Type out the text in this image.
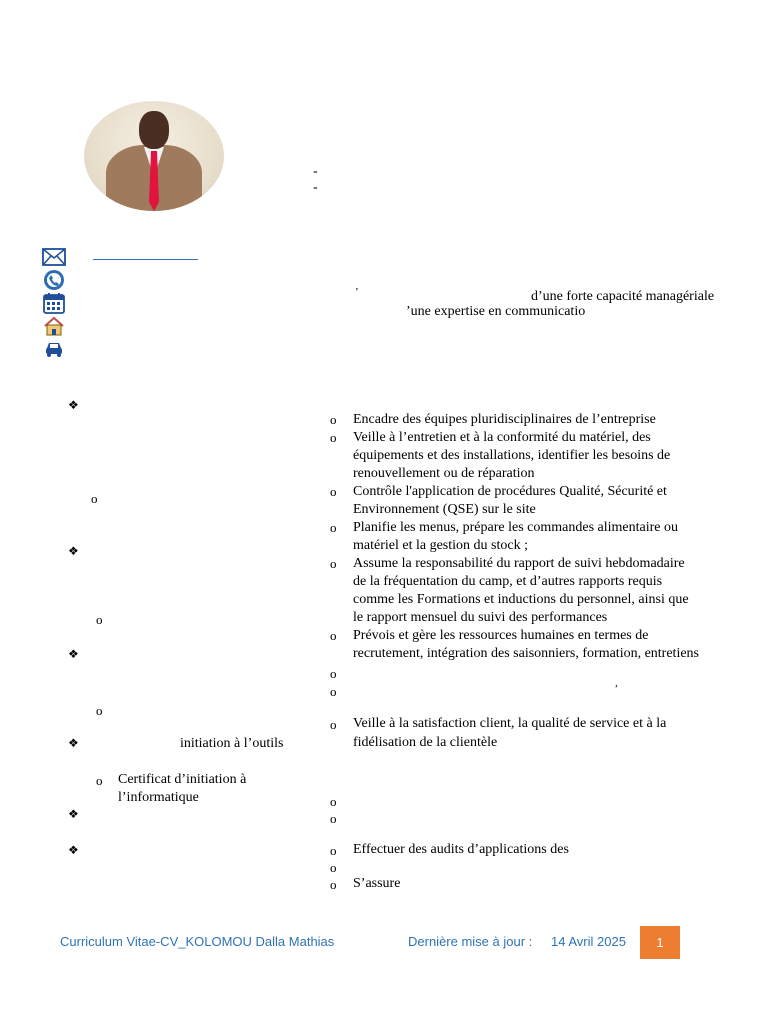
-
-
’	d’une forte capacité managériale
’une expertise en communicatio
❖
o
❖
o
❖
o
❖	initiation à l’outils
o Certificat d’initiation à
l’informatique
❖
❖
o	Encadre des équipes pluridisciplinaires de l’entreprise
o	Veille à l’entretien et à la conformité du matériel, des
équipements et des installations, identifier les besoins de
renouvellement ou de réparation
o	Contrôle l'application de procédures Qualité, Sécurité et
Environnement (QSE) sur le site
o	Planifie les menus, prépare les commandes alimentaire ou
matériel et la gestion du stock ;
o	Assume la responsabilité du rapport de suivi hebdomadaire
de la fréquentation du camp, et d’autres rapports requis
comme les Formations et inductions du personnel, ainsi que
le rapport mensuel du suivi des performances
o	Prévois et gère les ressources humaines en termes de
recrutement, intégration des saisonniers, formation, entretiens
o
o
,
o Veille à la satisfaction client, la qualité de service et à la
fidélisation de la clientèle
o
o
o Effectuer des audits d’applications des
o
o S’assure
Curriculum Vitae-CV_KOLOMOU Dalla Mathias	Dernière mise à jour : 14 Avril 2025	1
